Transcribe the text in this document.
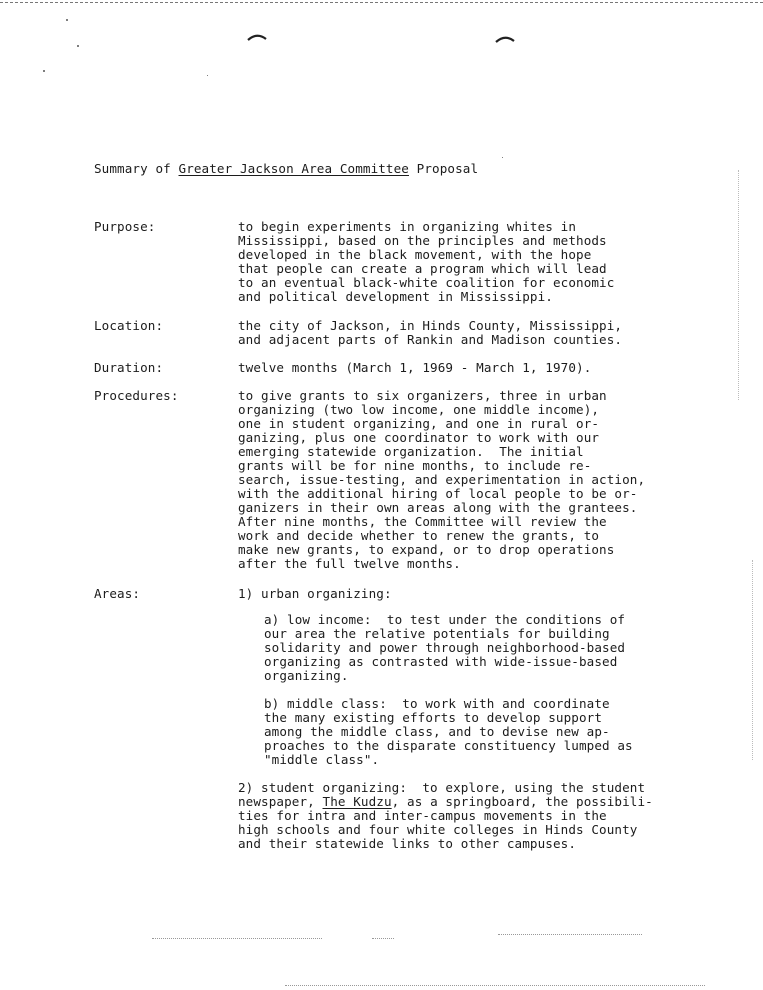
Summary of Greater Jackson Area Committee Proposal
Purpose:	to begin experiments in organizing whites in
Mississippi, based on the principles and methods
developed in the black movement, with the hope
that people can create a program which will lead
to an eventual black-white coalition for economic
and political development in Mississippi.
Location:	the city of Jackson, in Hinds County, Mississippi,
and adjacent parts of Rankin and Madison counties.
Duration:	twelve months (March 1, 1969 - March 1, 1970).
Procedures:	to give grants to six organizers, three in urban
organizing (two low income, one middle income),
one in student organizing, and one in rural or-
ganizing, plus one coordinator to work with our
emerging statewide organization.  The initial
grants will be for nine months, to include re-
search, issue-testing, and experimentation in action,
with the additional hiring of local people to be or-
ganizers in their own areas along with the grantees.
After nine months, the Committee will review the
work and decide whether to renew the grants, to
make new grants, to expand, or to drop operations
after the full twelve months.
Areas:	1) urban organizing:
a) low income:  to test under the conditions of
our area the relative potentials for building
solidarity and power through neighborhood-based
organizing as contrasted with wide-issue-based
organizing.
b) middle class:  to work with and coordinate
the many existing efforts to develop support
among the middle class, and to devise new ap-
proaches to the disparate constituency lumped as
"middle class".
2) student organizing:  to explore, using the student
newspaper, The Kudzu, as a springboard, the possibili-
ties for intra and inter-campus movements in the
high schools and four white colleges in Hinds County
and their statewide links to other campuses.
